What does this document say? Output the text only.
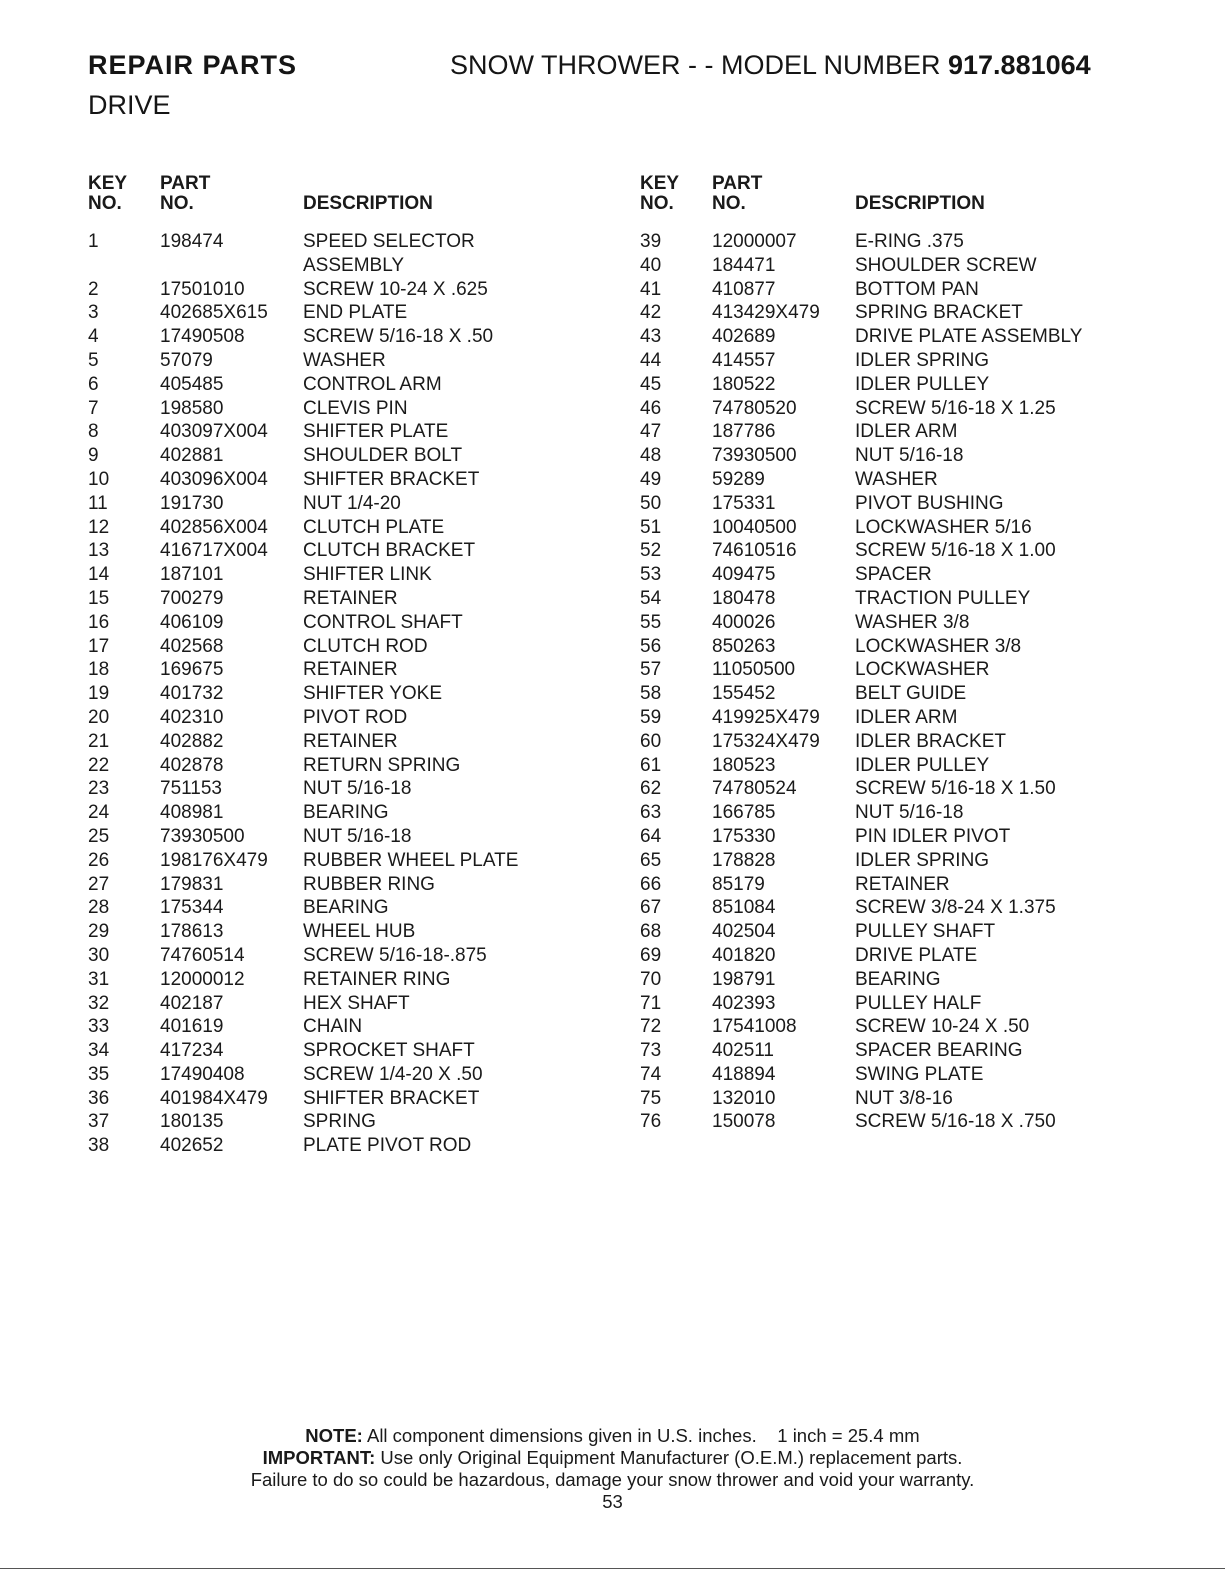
REPAIR PARTS	SNOW THROWER - - MODEL NUMBER 917.881064
DRIVE
KEY
NO.
PART
NO.	DESCRIPTION
1	198474	SPEED SELECTOR
ASSEMBLY
2	17501010	SCREW 10-24 X .625
3	402685X615 END PLATE
4	17490508	SCREW 5/16-18 X .50
5	57079	WASHER
6	405485	CONTROL ARM
7	198580	CLEVIS PIN
8	403097X004 SHIFTER PLATE
9	402881	SHOULDER BOLT
10	403096X004 SHIFTER BRACKET
11	191730	NUT 1/4-20
12	402856X004 CLUTCH PLATE
13	416717X004 CLUTCH BRACKET
14	187101	SHIFTER LINK
15	700279	RETAINER
16	406109	CONTROL SHAFT
17	402568	CLUTCH ROD
18	169675	RETAINER
19	401732	SHIFTER YOKE
20	402310	PIVOT ROD
21	402882	RETAINER
22	402878	RETURN SPRING
23	751153	NUT 5/16-18
24	408981	BEARING
25	73930500	NUT 5/16-18
26	198176X479 RUBBER WHEEL PLATE
27	179831	RUBBER RING
28	175344	BEARING
29	178613	WHEEL HUB
30	74760514	SCREW 5/16-18-.875
31	12000012	RETAINER RING
32	402187	HEX SHAFT
33	401619	CHAIN
34	417234	SPROCKET SHAFT
35	17490408	SCREW 1/4-20 X .50
36	401984X479 SHIFTER BRACKET
37	180135	SPRING
38	402652	PLATE PIVOT ROD
KEY
NO.
PART
NO.	DESCRIPTION
39	12000007	E-RING .375
40	184471	SHOULDER SCREW
41	410877	BOTTOM PAN
42	413429X479 SPRING BRACKET
43	402689	DRIVE PLATE ASSEMBLY
44	414557	IDLER SPRING
45	180522	IDLER PULLEY
46	74780520	SCREW 5/16-18 X 1.25
47	187786	IDLER ARM
48	73930500	NUT 5/16-18
49	59289	WASHER
50	175331	PIVOT BUSHING
51	10040500	LOCKWASHER 5/16
52	74610516	SCREW 5/16-18 X 1.00
53	409475	SPACER
54	180478	TRACTION PULLEY
55	400026	WASHER 3/8
56	850263	LOCKWASHER 3/8
57	11050500	LOCKWASHER
58	155452	BELT GUIDE
59	419925X479 IDLER ARM
60	175324X479 IDLER BRACKET
61	180523	IDLER PULLEY
62	74780524	SCREW 5/16-18 X 1.50
63	166785	NUT 5/16-18
64	175330	PIN IDLER PIVOT
65	178828	IDLER SPRING
66	85179	RETAINER
67	851084	SCREW 3/8-24 X 1.375
68	402504	PULLEY SHAFT
69	401820	DRIVE PLATE
70	198791	BEARING
71	402393	PULLEY HALF
72	17541008	SCREW 10-24 X .50
73	402511	SPACER BEARING
74	418894	SWING PLATE
75	132010	NUT 3/8-16
76	150078	SCREW 5/16-18 X .750
NOTE: All component dimensions given in U.S. inches.    1 inch = 25.4 mm
IMPORTANT: Use only Original Equipment Manufacturer (O.E.M.) replacement parts.
Failure to do so could be hazardous, damage your snow thrower and void your warranty.
53
